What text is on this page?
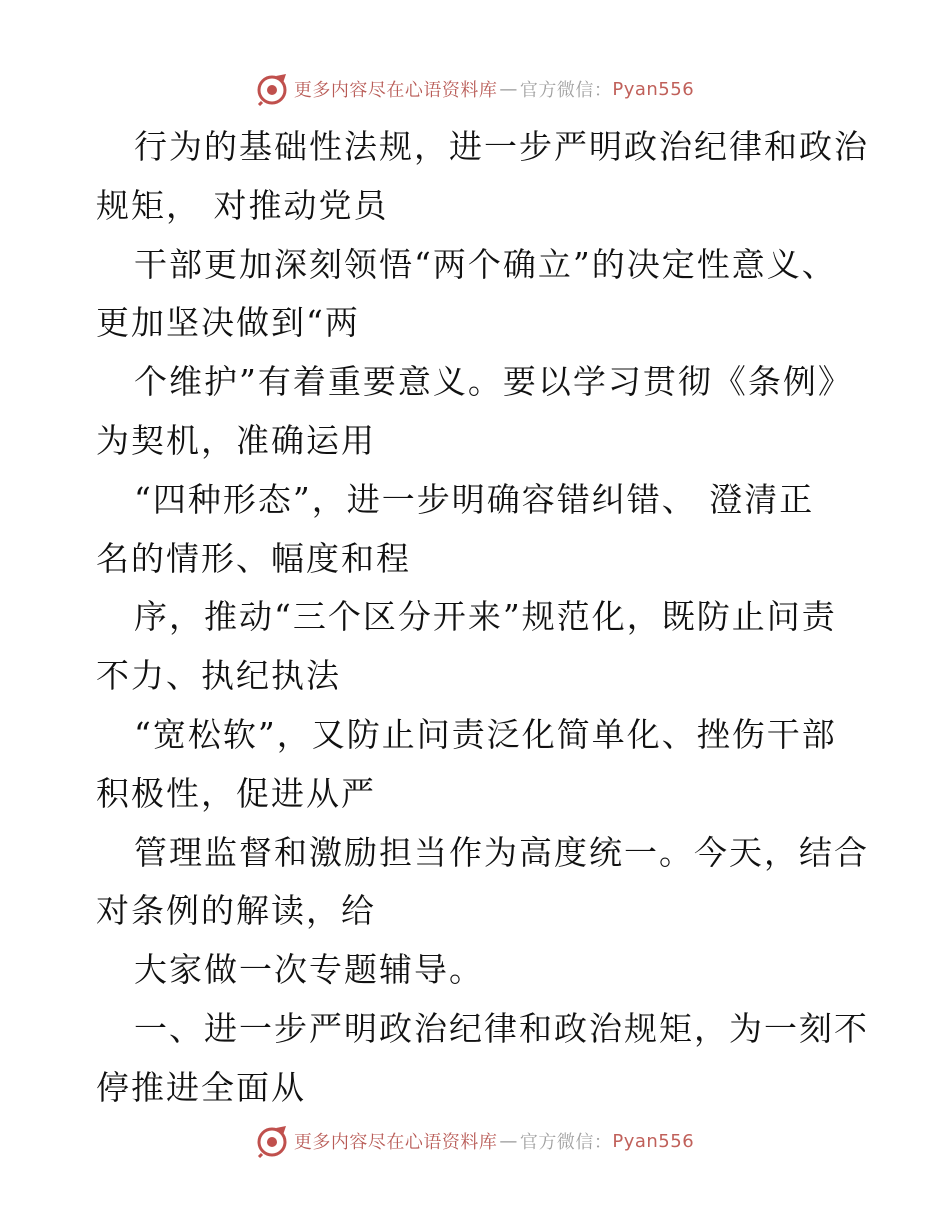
更多内容尽在心语资料库 — 官方微信： Pyan556
行为的基础性法规，进一步严明政治纪律和政治
规矩， 对推动党员
干部更加深刻领悟“两个确立”的决定性意义、
更加坚决做到“两
个维护”有着重要意义。要以学习贯彻《条例》
为契机，准确运用
“四种形态”，进一步明确容错纠错、 澄清正
名的情形、幅度和程
序，推动“三个区分开来”规范化，既防止问责
不力、执纪执法
“宽松软”，又防止问责泛化简单化、挫伤干部
积极性，促进从严
管理监督和激励担当作为高度统一。今天，结合
对条例的解读，给
大家做一次专题辅导。
一、进一步严明政治纪律和政治规矩，为一刻不
停推进全面从
更多内容尽在心语资料库 — 官方微信： Pyan556
